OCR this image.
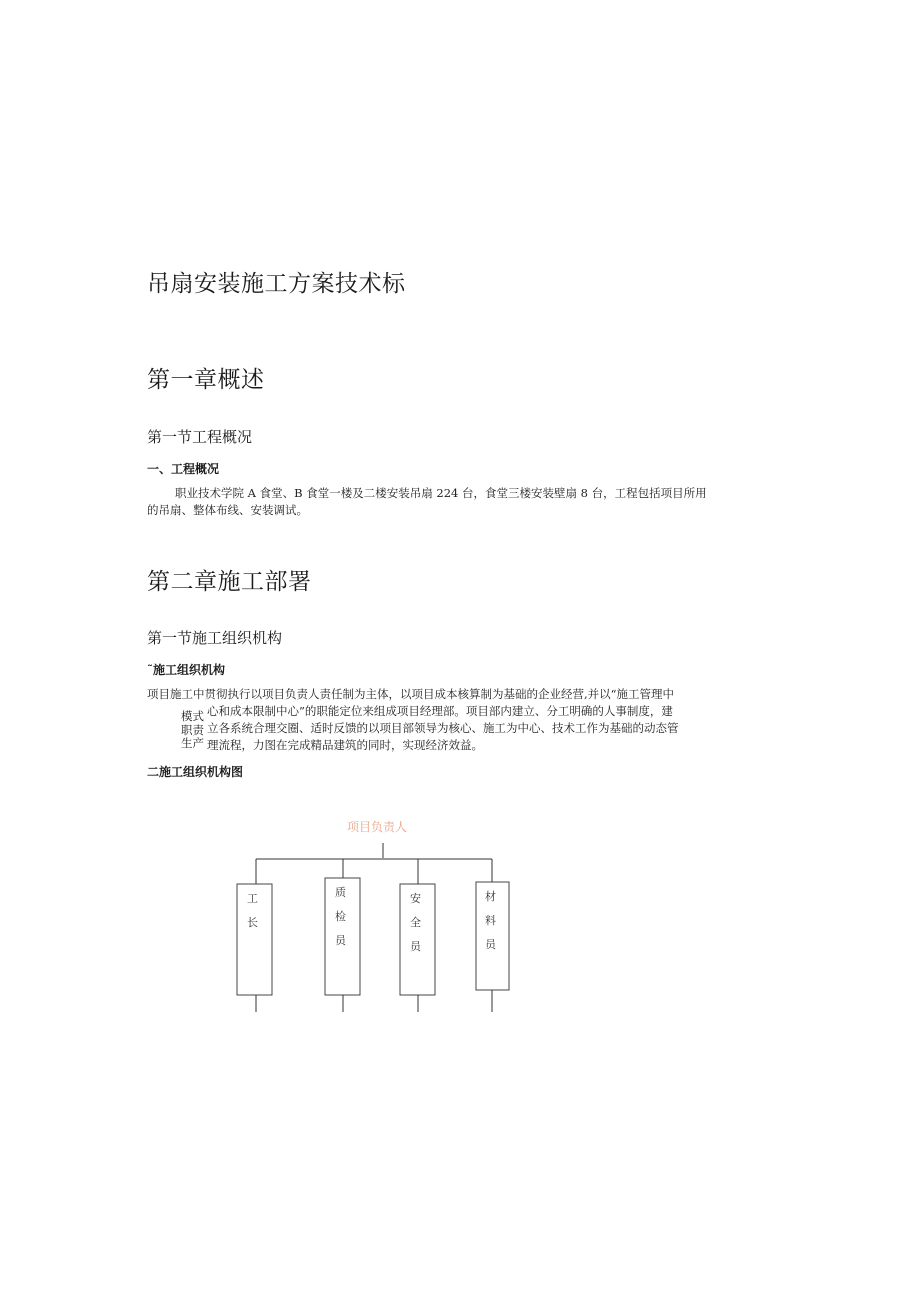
吊扇安装施工方案技术标
第一章概述
第一节工程概况
一、工程概况
职业技术学院 A 食堂、B 食堂一楼及二楼安装吊扇 224 台，食堂三楼安装壁扇 8 台，工程包括项目所用
的吊扇、整体布线、安装调试。
第二章施工部署
第一节施工组织机构
˜施工组织机构
项目施工中贯彻执行以项目负责人责任制为主体，以项目成本核算制为基础的企业经营,并以“施工管理中
模式 心和成本限制中心”的职能定位来组成项目经理部。项目部内建立、分工明确的人事制度，建
职责 立各系统合理交圈、适时反馈的以项目部领导为核心、施工为中心、技术工作为基础的动态管
生产 理流程，力图在完成精品建筑的同时，实现经济效益。
二施工组织机构图
项目负责人
工
长
质
检
员
安
全
员
材
料
员
